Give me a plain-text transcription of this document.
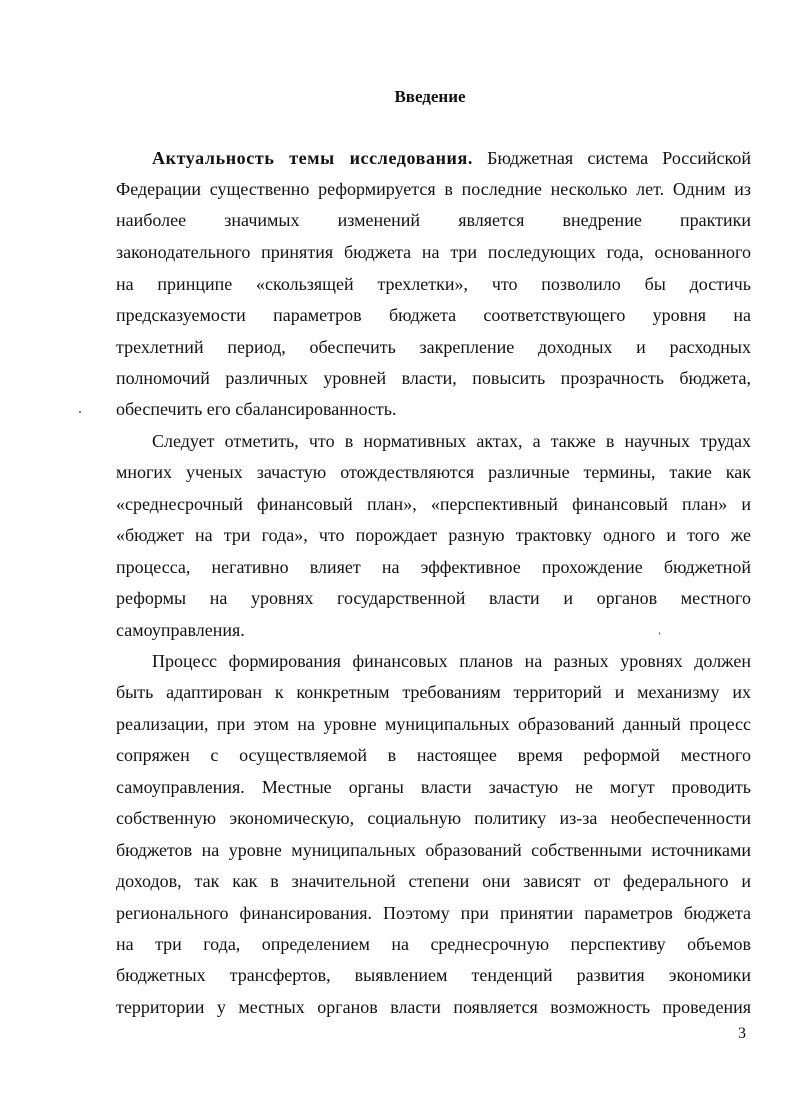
Введение
Актуальность темы исследования. Бюджетная система Российской
Федерации существенно реформируется в последние несколько лет. Одним из
наиболее значимых изменений является внедрение практики
законодательного принятия бюджета на три последующих года, основанного
на принципе «скользящей трехлетки», что позволило бы достичь
предсказуемости параметров бюджета соответствующего уровня на
трехлетний период, обеспечить закрепление доходных и расходных
полномочий различных уровней власти, повысить прозрачность бюджета,
обеспечить его сбалансированность.
Следует отметить, что в нормативных актах, а также в научных трудах
многих ученых зачастую отождествляются различные термины, такие как
«среднесрочный финансовый план», «перспективный финансовый план» и
«бюджет на три года», что порождает разную трактовку одного и того же
процесса, негативно влияет на эффективное прохождение бюджетной
реформы на уровнях государственной власти и органов местного
самоуправления.
Процесс формирования финансовых планов на разных уровнях должен
быть адаптирован к конкретным требованиям территорий и механизму их
реализации, при этом на уровне муниципальных образований данный процесс
сопряжен с осуществляемой в настоящее время реформой местного
самоуправления. Местные органы власти зачастую не могут проводить
собственную экономическую, социальную политику из-за необеспеченности
бюджетов на уровне муниципальных образований собственными источниками
доходов, так как в значительной степени они зависят от федерального и
регионального финансирования. Поэтому при принятии параметров бюджета
на три года, определением на среднесрочную перспективу объемов
бюджетных трансфертов, выявлением тенденций развития экономики
территории у местных органов власти появляется возможность проведения
3
